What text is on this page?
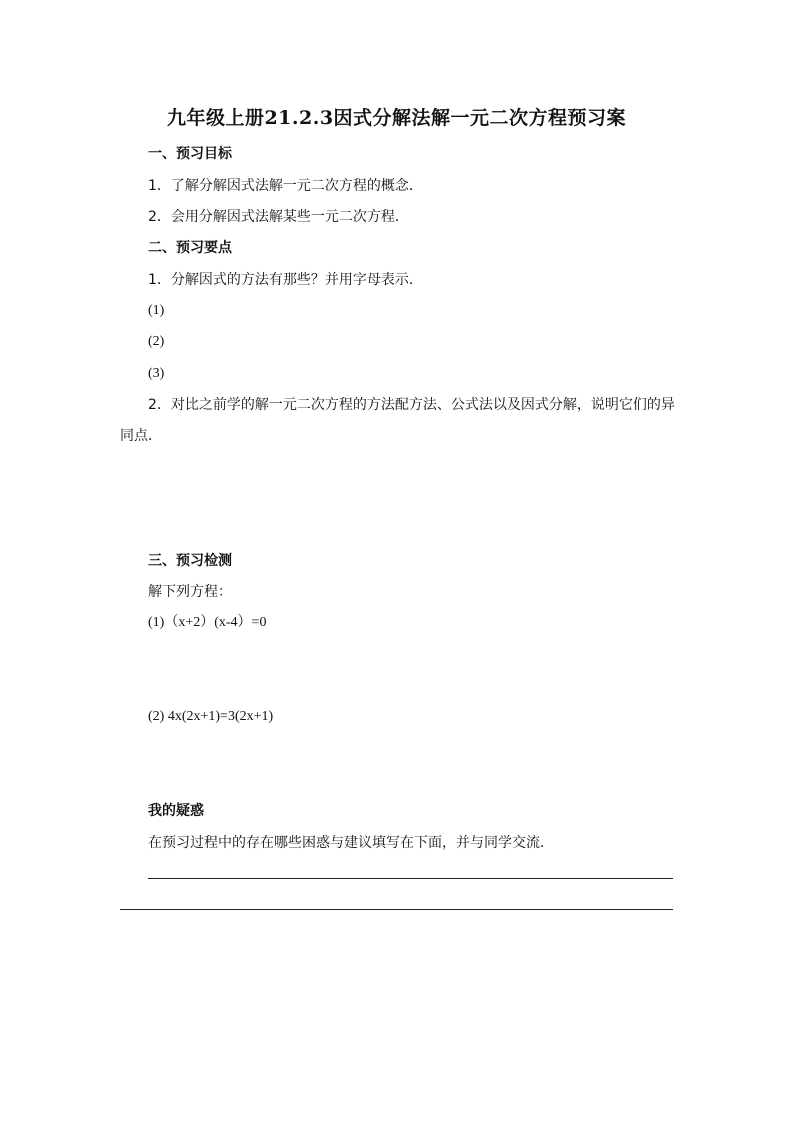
九年级上册21.2.3因式分解法解一元二次方程预习案
一、预习目标
1．了解分解因式法解一元二次方程的概念．
2．会用分解因式法解某些一元二次方程．
二、预习要点
1．分解因式的方法有那些？并用字母表示．
(1)
(2)
(3)
2．对比之前学的解一元二次方程的方法配方法、公式法以及因式分解，说明它们的异
同点．
三、预习检测
解下列方程：
(1)（x+2）(x-4）=0
(2) 4x(2x+1)=3(2x+1)
我的疑惑
在预习过程中的存在哪些困惑与建议填写在下面，并与同学交流．
